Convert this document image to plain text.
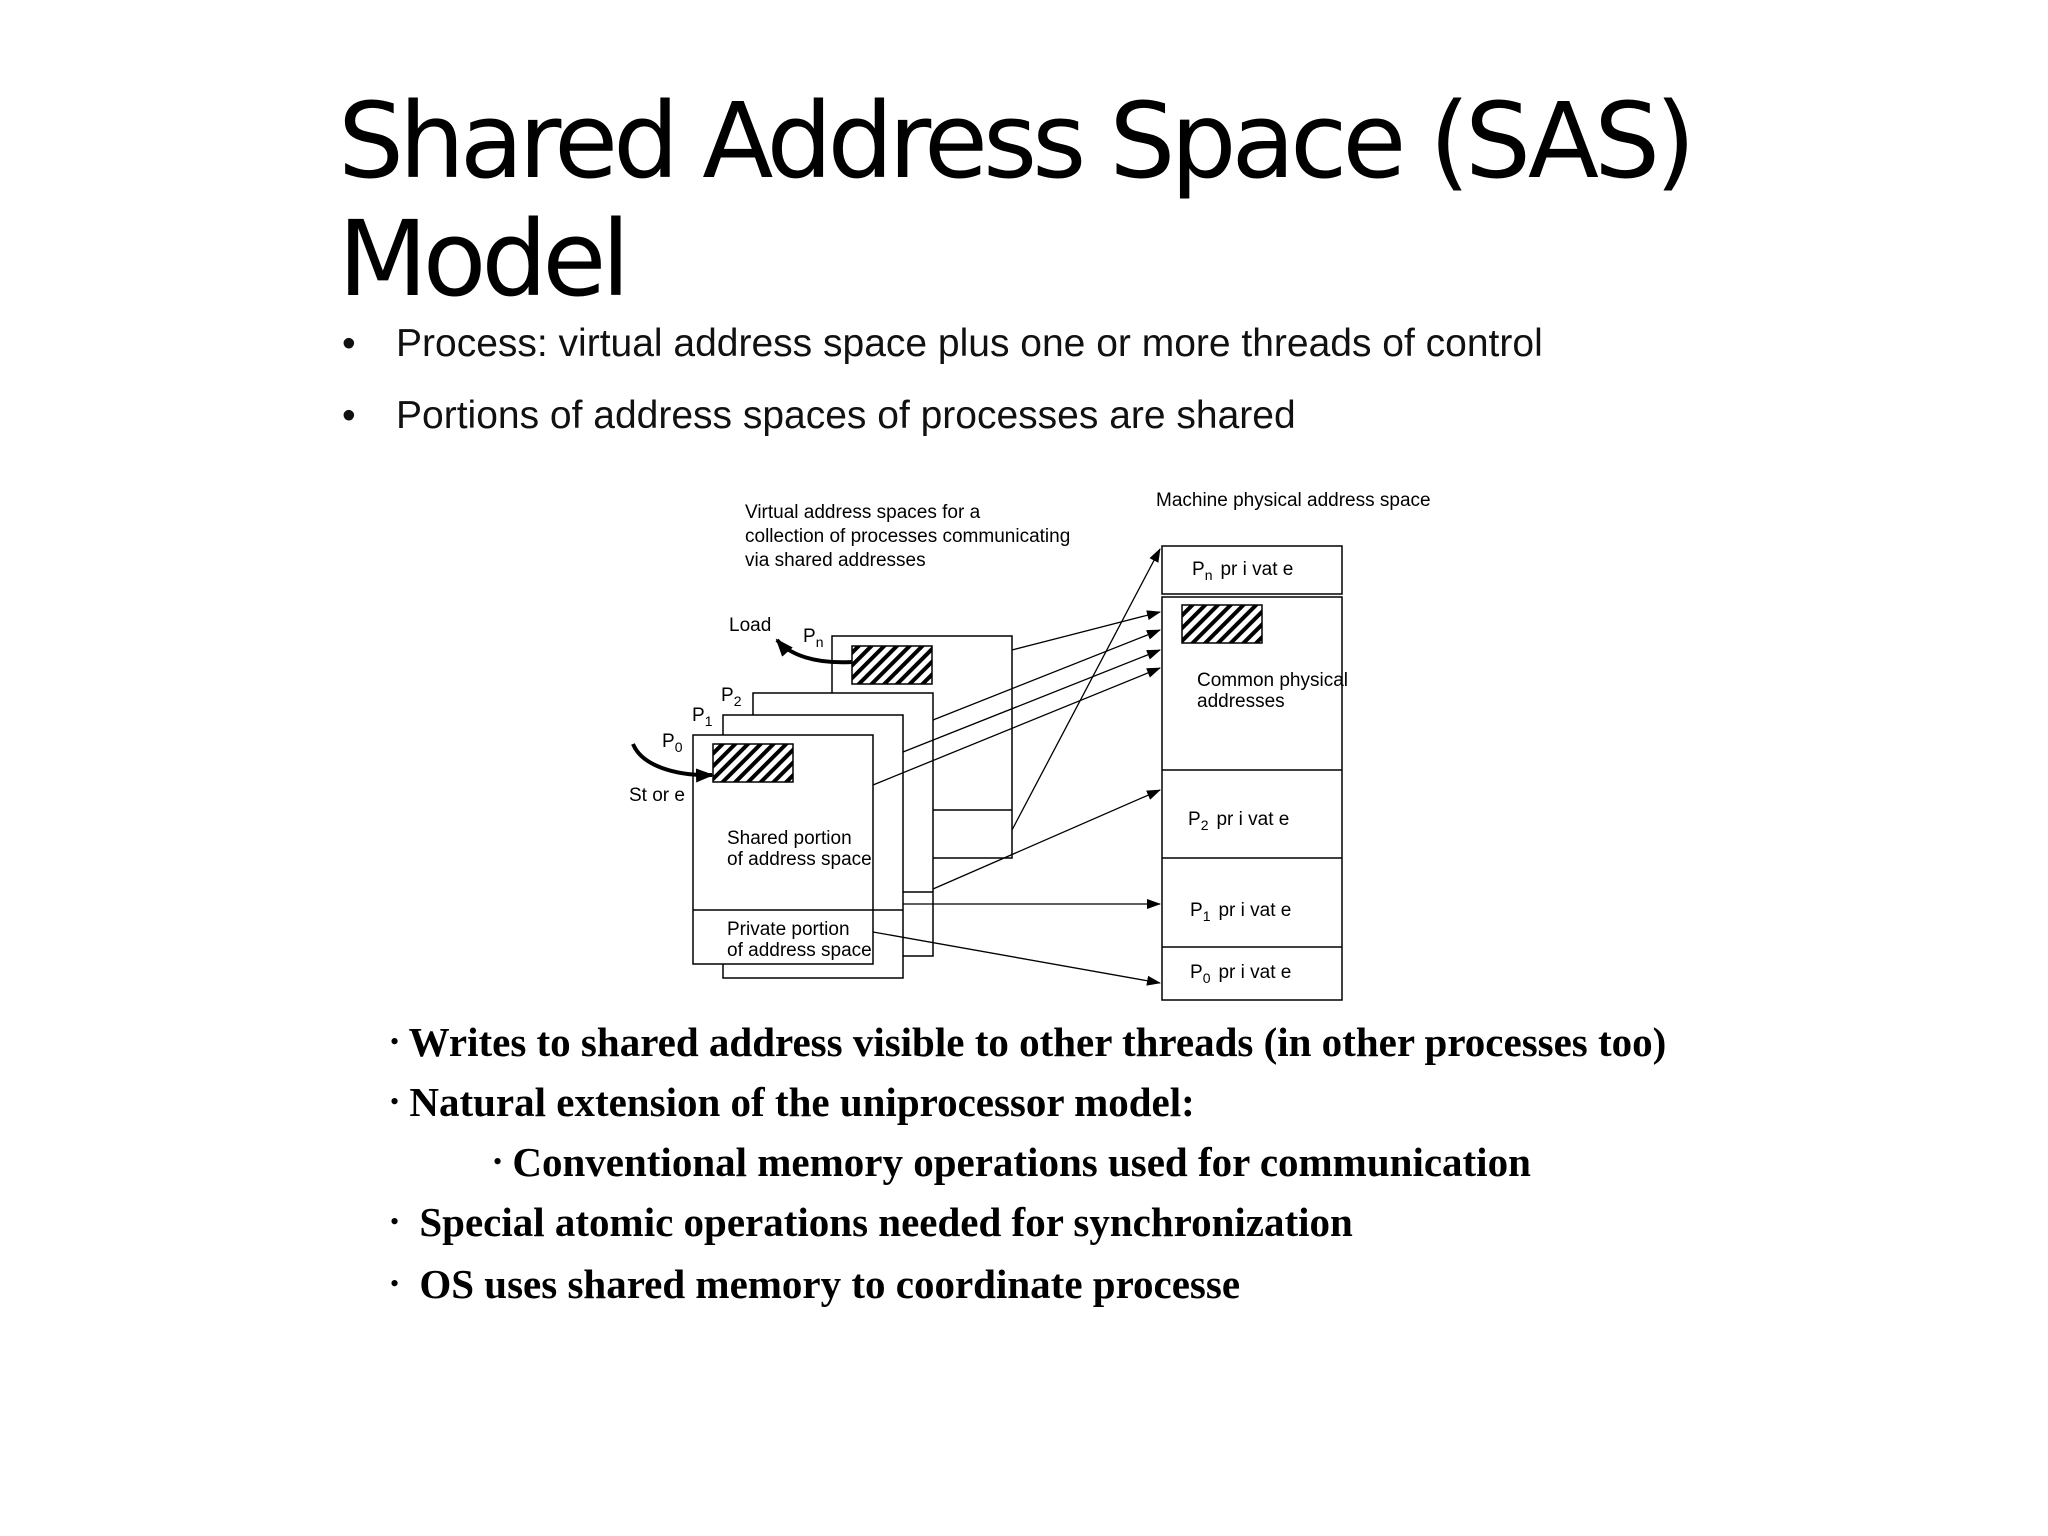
Shared Address Space (SAS)
Model
• Process: virtual address space plus one or more threads of control
• Portions of address spaces of processes are shared
Virtual address spaces for a
collection of processes communicating
via shared addresses
Machine physical address space
Shared portion
of address space
Private portion
of address space
$P_n$
$P_2$
$P_1$
$P_0$
Load
St or e
Common physical
addresses
$P_n$ pr i vat e
$P_2$ pr i vat e
$P_1$ pr i vat e
$P_0$ pr i vat e
• Writes to shared address visible to other threads (in other processes too)
• Natural extension of the uniprocessor model:
• Conventional memory operations used for communication
• Special atomic operations needed for synchronization
• OS uses shared memory to coordinate processe
